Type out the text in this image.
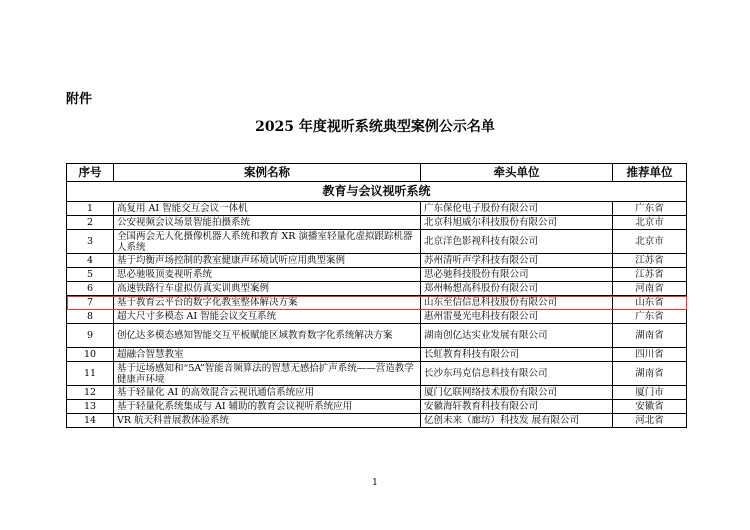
附件
2025 年度视听系统典型案例公示名单
序号	案例名称	牵头单位	推荐单位
教育与会议视听系统			
1	高复用 AI 智能交互会议一体机	广东保伦电子股份有限公司	广东省
2	公安视频会议场景智能拍摄系统	北京科旭威尔科技股份有限公司	北京市
3	全国两会无人化摄像机器人系统和教育 XR 演播室轻量化虚拟跟踪机器人系统	北京洋色影视科技有限公司	北京市
4	基于均衡声场控制的教室健康声环境试听应用典型案例	苏州清听声学科技有限公司	江苏省
5	思必驰吸顶麦视听系统	思必驰科技股份有限公司	江苏省
6	高速铁路行车虚拟仿真实训典型案例	郑州畅想高科股份有限公司	河南省
7	基于教育云平台的数字化教室整体解决方案	山东至信信息科技股份有限公司	山东省
8	超大尺寸多模态 AI 智能会议交互系统	惠州雷曼光电科技有限公司	广东省
9	创亿达多模态感知智能交互平板赋能区域教育数字化系统解决方案	湖南创亿达实业发展有限公司	湖南省
10	超融合智慧教室	长虹教育科技有限公司	四川省
11	基于远场感知和“5A”智能音频算法的智慧无感拾扩声系统——营造教学健康声环境	长沙东玛克信息科技有限公司	湖南省
12	基于轻量化 AI 的高效混合云视讯通信系统应用	厦门亿联网络技术股份有限公司	厦门市
13	基于轻量化系统集成与 AI 辅助的教育会议视听系统应用	安徽海轩教育科技有限公司	安徽省
14	VR 航天科普展教体验系统	亿创未来（廊坊）科技发 展有限公司	河北省
1
